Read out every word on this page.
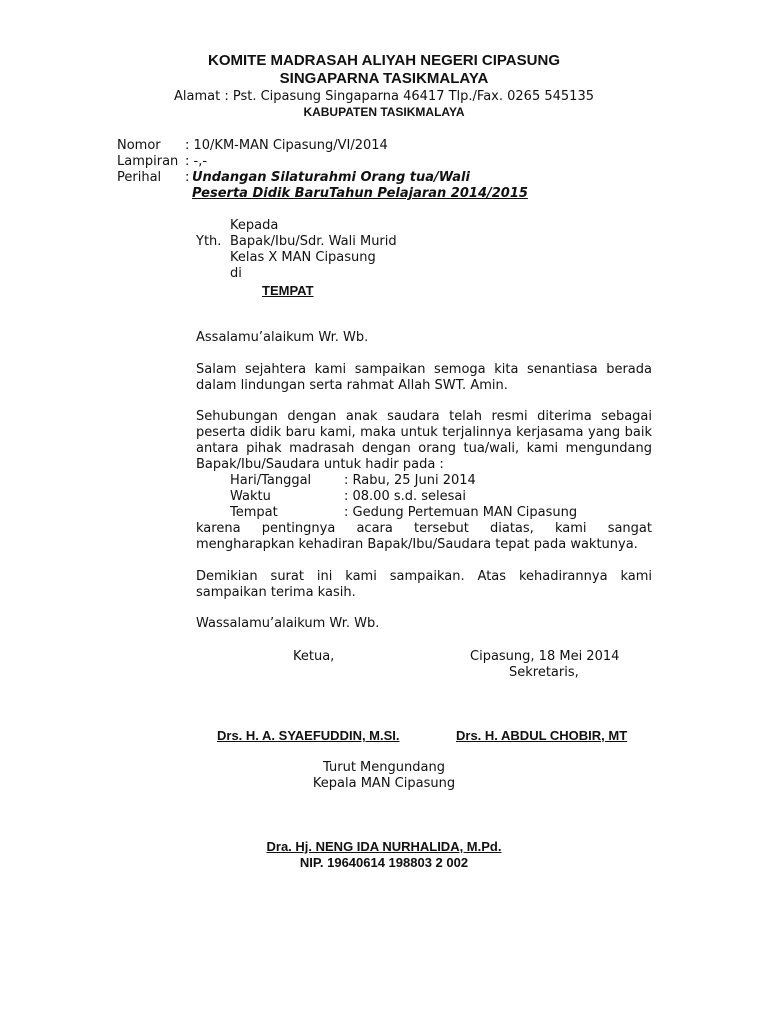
KOMITE MADRASAH ALIYAH NEGERI CIPASUNG
SINGAPARNA TASIKMALAYA
Alamat : Pst. Cipasung Singaparna 46417 Tlp./Fax. 0265 545135
KABUPATEN TASIKMALAYA
Nomor : 10/KM-MAN Cipasung/VI/2014
Lampiran : -,-
Perihal : Undangan Silaturahmi Orang tua/Wali
Peserta Didik BaruTahun Pelajaran 2014/2015
Kepada
Yth. Bapak/Ibu/Sdr. Wali Murid
Kelas X MAN Cipasung
di
TEMPAT
Assalamu’alaikum Wr. Wb.
Salam sejahtera kami sampaikan semoga kita senantiasa berada dalam lindungan serta rahmat Allah SWT. Amin.
Sehubungan dengan anak saudara telah resmi diterima sebagai peserta didik baru kami, maka untuk terjalinnya kerjasama yang baik antara pihak madrasah dengan orang tua/wali, kami mengundang Bapak/Ibu/Saudara untuk hadir pada :
Hari/Tanggal	: Rabu, 25 Juni 2014
Waktu	: 08.00 s.d. selesai
Tempat	: Gedung Pertemuan MAN Cipasung
karena pentingnya acara tersebut diatas, kami sangat mengharapkan kehadiran Bapak/Ibu/Saudara tepat pada waktunya.
Demikian surat ini kami sampaikan. Atas kehadirannya kami sampaikan terima kasih.
Wassalamu’alaikum Wr. Wb.
Ketua,	Cipasung, 18 Mei 2014
Sekretaris,
Drs. H. A. SYAEFUDDIN, M.SI.	Drs. H. ABDUL CHOBIR, MT
Turut Mengundang
Kepala MAN Cipasung
Dra. Hj. NENG IDA NURHALIDA, M.Pd.
NIP. 19640614 198803 2 002
